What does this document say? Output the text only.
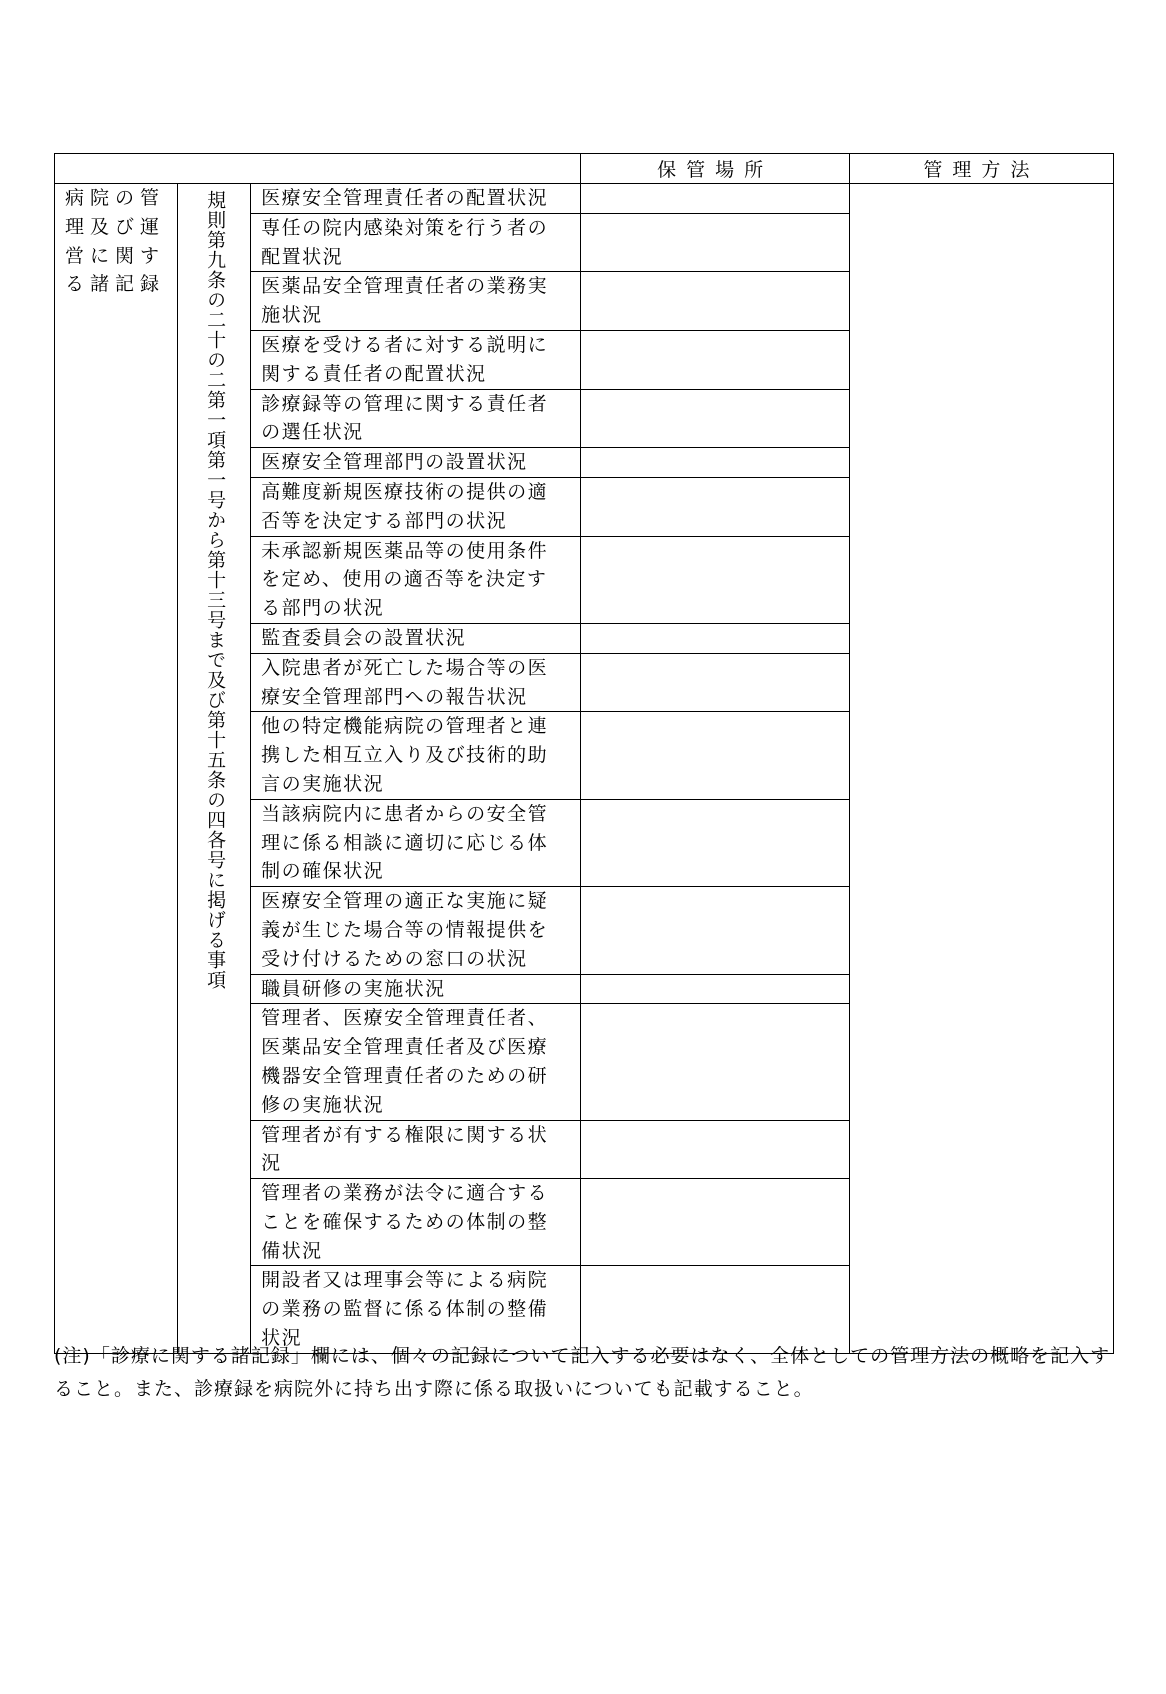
			保管場所	管理方法
病院の管
理及び運
営に関す
る諸記録	規則第九条の二十の二第一項第一号から第十三号まで及び第十五条の四各号に掲げる事項	医療安全管理責任者の配置状況		
		専任の院内感染対策を行う者の
配置状況		
		医薬品安全管理責任者の業務実
施状況		
		医療を受ける者に対する説明に
関する責任者の配置状況		
		診療録等の管理に関する責任者
の選任状況		
		医療安全管理部門の設置状況		
		高難度新規医療技術の提供の適
否等を決定する部門の状況		
		未承認新規医薬品等の使用条件
を定め、使用の適否等を決定す
る部門の状況		
		監査委員会の設置状況		
		入院患者が死亡した場合等の医
療安全管理部門への報告状況		
		他の特定機能病院の管理者と連
携した相互立入り及び技術的助
言の実施状況		
		当該病院内に患者からの安全管
理に係る相談に適切に応じる体
制の確保状況		
		医療安全管理の適正な実施に疑
義が生じた場合等の情報提供を
受け付けるための窓口の状況		
		職員研修の実施状況		
		管理者、医療安全管理責任者、
医薬品安全管理責任者及び医療
機器安全管理責任者のための研
修の実施状況		
		管理者が有する権限に関する状
況		
		管理者の業務が法令に適合する
ことを確保するための体制の整
備状況		
		開設者又は理事会等による病院
の業務の監督に係る体制の整備
状況		
(注)「診療に関する諸記録」欄には、個々の記録について記入する必要はなく、全体としての管理方法の概略を記入すること。また、診療録を病院外に持ち出す際に係る取扱いについても記載すること。
